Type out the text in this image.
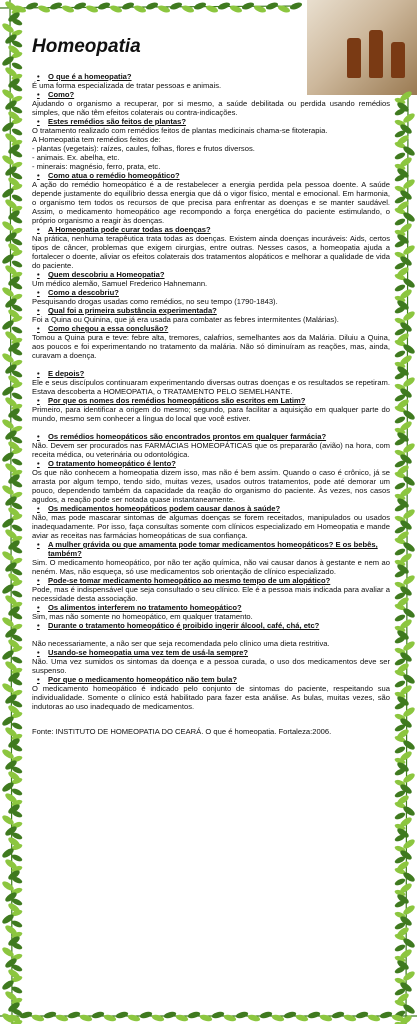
Homeopatia
•	O que é a homeopatia?
É uma forma especializada de tratar pessoas e animais.
•	Como?
Ajudando o organismo a recuperar, por si mesmo, a saúde debilitada ou perdida usando remédios simples, que não têm efeitos colaterais ou contra-indicações.
•	Estes remédios são feitos de plantas?
O tratamento realizado com remédios feitos de plantas medicinais chama-se fitoterapia.
A Homeopatia tem remédios feitos de:
- plantas (vegetais): raízes, caules, folhas, flores e frutos diversos.
- animais. Ex. abelha, etc.
- minerais: magnésio, ferro, prata, etc.
•	Como atua o remédio homeopático?
A ação do remédio homeopático é a de restabelecer a energia perdida pela pessoa doente. A saúde depende justamente do equilíbrio dessa energia que dá o vigor físico, mental e emocional. Em harmonia, o organismo tem todos os recursos de que precisa para enfrentar as doenças e se manter saudável. Assim, o medicamento homeopático age recompondo a força energética do paciente estimulando, o próprio organismo a reagir às doenças.
•	A Homeopatia pode curar todas as doenças?
Na prática, nenhuma terapêutica trata todas as doenças. Existem ainda doenças incuráveis: Aids, certos tipos de câncer, problemas que exigem cirurgias, entre outras. Nesses casos, a homeopatia ajuda a fortalecer o doente, aliviar os efeitos colaterais dos tratamentos alopáticos e melhorar a qualidade de vida do paciente.
•	Quem descobriu a Homeopatia?
Um médico alemão, Samuel Frederico Hahnemann.
•	Como a descobriu?
Pesquisando drogas usadas como remédios, no seu tempo (1790-1843).
•	Qual foi a primeira substância experimentada?
Foi a Quina ou Quinina, que já era usada para combater as febres intermitentes (Malárias).
•	Como chegou a essa conclusão?
Tomou a Quina pura e teve: febre alta, tremores, calafrios, semelhantes aos da Malária. Diluiu a Quina, aos poucos e foi experimentando no tratamento da malária. Não só diminuíram as reações, mas, ainda, curavam a doença.
•	E depois?
Ele e seus discípulos continuaram experimentando diversas outras doenças e os resultados se repetiram. Estava descoberta a HOMEOPATIA, o TRATAMENTO PELO SEMELHANTE.
•	Por que os nomes dos remédios homeopáticos são escritos em Latim?
Primeiro, para identificar a origem do mesmo; segundo, para facilitar a aquisição em qualquer parte do mundo, mesmo sem conhecer a língua do local que você estiver.
•	Os remédios homeopáticos são encontrados prontos em qualquer farmácia?
Não. Devem ser procurados nas FARMÁCIAS HOMEOPÁTICAS que os prepararão (avião) na hora, com receita médica, ou veterinária ou odontológica.
•	O tratamento homeopático é lento?
Os que não conhecem a homeopatia dizem isso, mas não é bem assim. Quando o caso é crônico, já se arrasta por algum tempo, tendo sido, muitas vezes, usados outros tratamentos, pode até demorar um pouco, dependendo também da capacidade da reação do organismo do paciente. Às vezes, nos casos agudos, a reação pode ser notada quase instantaneamente.
•	Os medicamentos homeopáticos podem causar danos à saúde?
Não, mas pode mascarar sintomas de algumas doenças se forem receitados, manipulados ou usados inadequadamente. Por isso, faça consultas somente com clínicos especializado em Homeopatia e mande aviar as receitas nas farmácias homeopáticas de sua confiança.
•	A mulher grávida ou que amamenta pode tomar medicamentos homeopáticos? E os bebês, também?
Sim. O medicamento homeopático, por não ter ação química, não vai causar danos à gestante e nem ao neném. Mas, não esqueça, só use medicamentos sob orientação de clínico especializado.
•	Pode-se tomar medicamento homeopático ao mesmo tempo de um alopático?
Pode, mas é indispensável que seja consultado o seu clínico. Ele é a pessoa mais indicada para avaliar a necessidade desta associação.
•	Os alimentos interferem no tratamento homeopático?
Sim, mas não somente no homeopático, em qualquer tratamento.
•	Durante o tratamento homeopático é proibido ingerir álcool, café, chá, etc?
Não necessariamente, a não ser que seja recomendada pelo clínico uma dieta restritiva.
•	Usando-se homeopatia uma vez tem de usá-la sempre?
Não. Uma vez sumidos os sintomas da doença e a pessoa curada, o uso dos medicamentos deve ser suspenso.
•	Por que o medicamento homeopático não tem bula?
O medicamento homeopático é indicado pelo conjunto de sintomas do paciente, respeitando sua individualidade. Somente o clínico está habilitado para fazer esta análise. As bulas, muitas vezes, são indutoras ao uso inadequado de medicamentos.
Fonte: INSTITUTO DE HOMEOPATIA DO CEARÁ. O que é homeopatia. Fortaleza:2006.
